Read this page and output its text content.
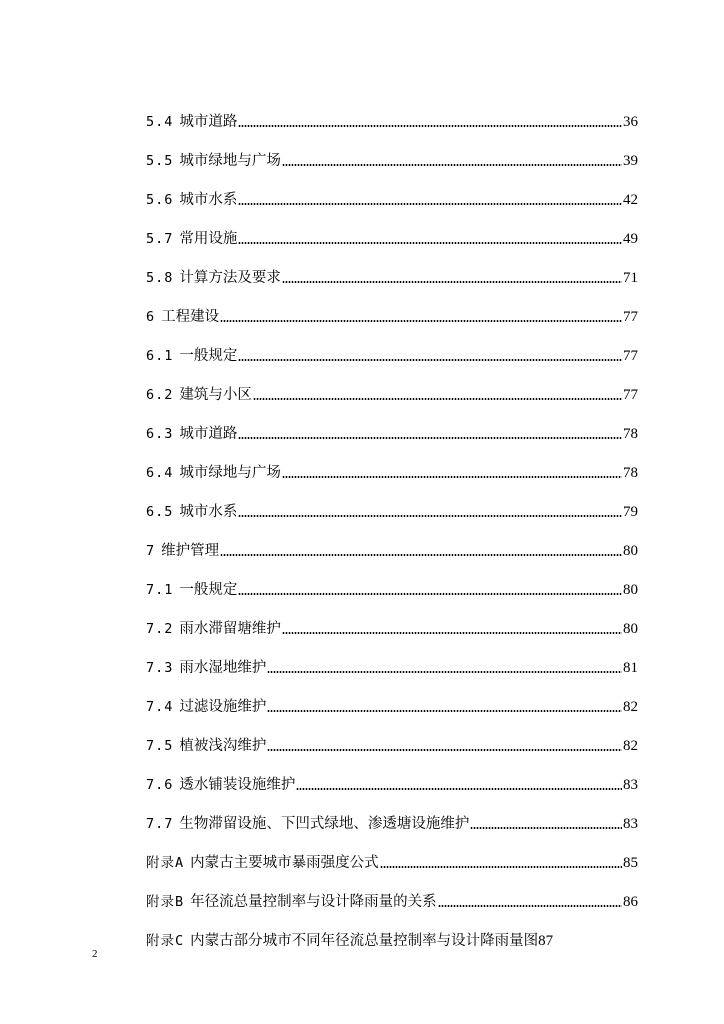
5.4 城市道路	36
5.5 城市绿地与广场	39
5.6 城市水系	42
5.7 常用设施	49
5.8 计算方法及要求	71
6 工程建设	77
6.1 一般规定	77
6.2 建筑与小区	77
6.3 城市道路	78
6.4 城市绿地与广场	78
6.5 城市水系	79
7 维护管理	80
7.1 一般规定	80
7.2 雨水滞留塘维护	80
7.3 雨水湿地维护	81
7.4 过滤设施维护	82
7.5 植被浅沟维护	82
7.6 透水铺装设施维护	83
7.7 生物滞留设施、下凹式绿地、渗透塘设施维护	83
附录A 内蒙古主要城市暴雨强度公式	85
附录B 年径流总量控制率与设计降雨量的关系	86
附录C 内蒙古部分城市不同年径流总量控制率与设计降雨量图 87
2
